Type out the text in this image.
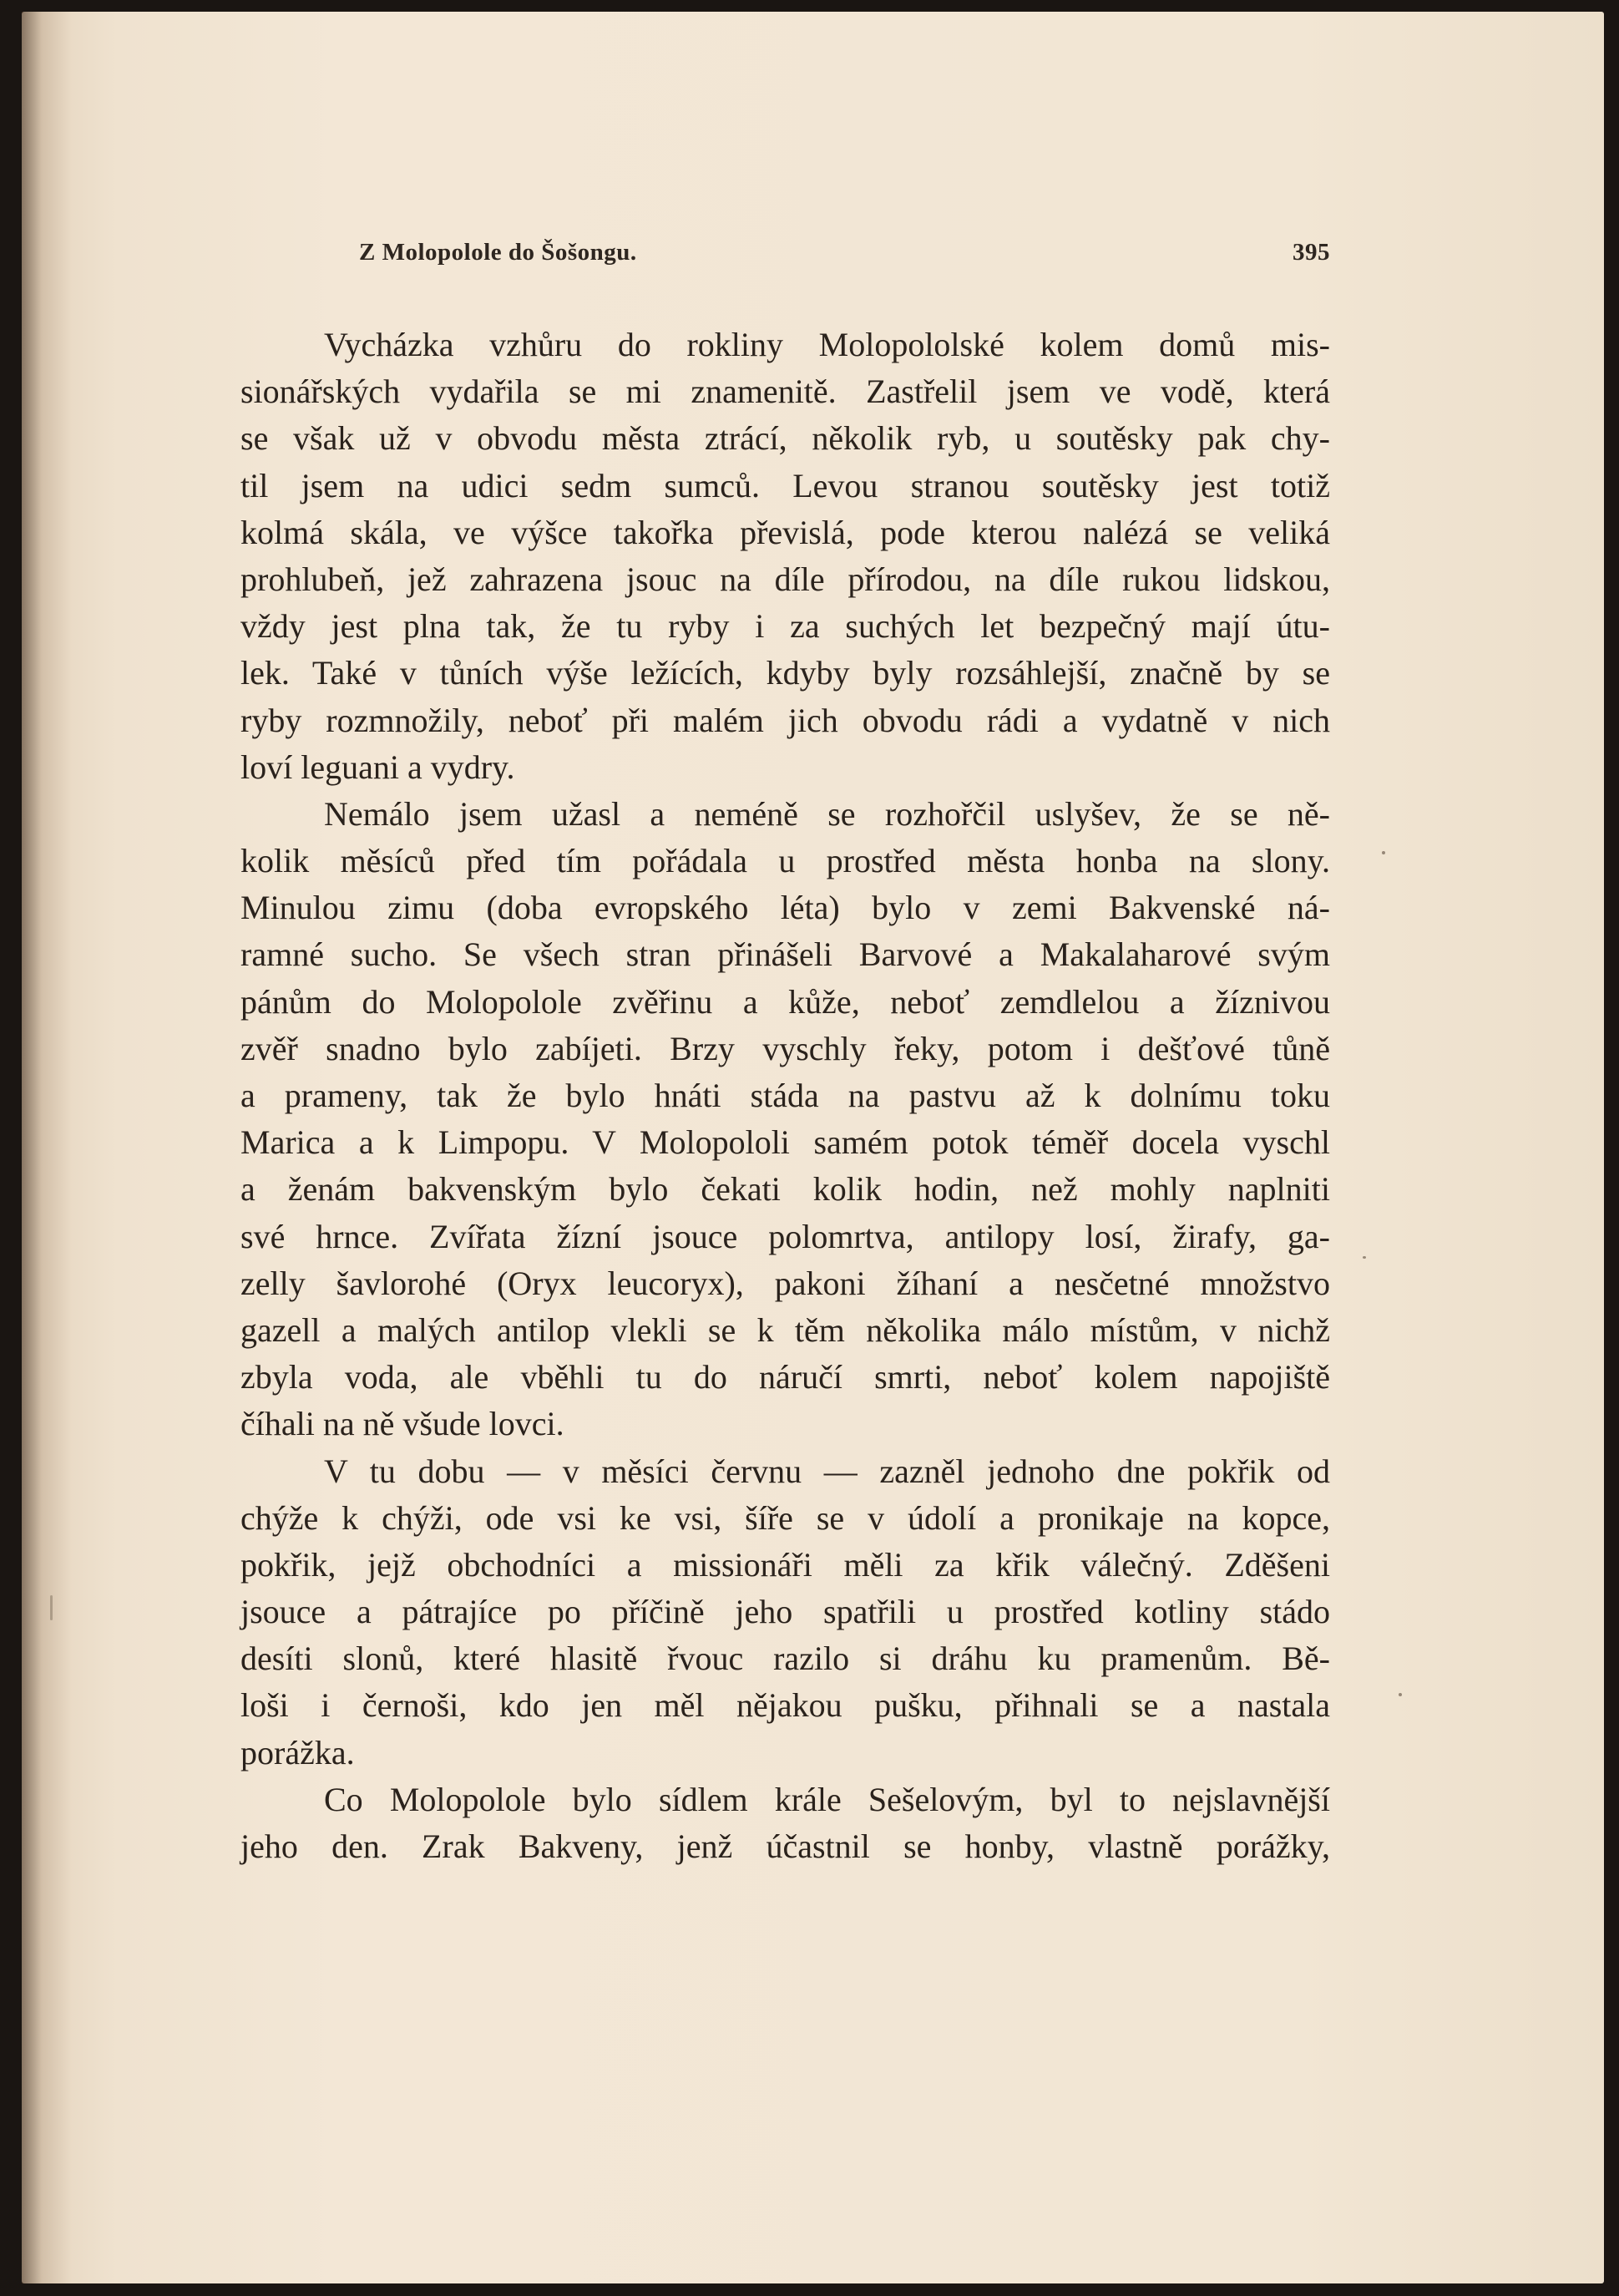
Z Molopolole do Šošongu.	395
Vycházka vzhůru do rokliny Molopololské kolem domů mis-
sionářských vydařila se mi znamenitě. Zastřelil jsem ve vodě, která
se však už v obvodu města ztrácí, několik ryb, u soutěsky pak chy-
til jsem na udici sedm sumců. Levou stranou soutěsky jest totiž
kolmá skála, ve výšce takořka převislá, pode kterou nalézá se veliká
prohlubeň, jež zahrazena jsouc na díle přírodou, na díle rukou lidskou,
vždy jest plna tak, že tu ryby i za suchých let bezpečný mají útu-
lek. Také v tůních výše ležících, kdyby byly rozsáhlejší, značně by se
ryby rozmnožily, neboť při malém jich obvodu rádi a vydatně v nich
loví leguani a vydry.
Nemálo jsem užasl a neméně se rozhořčil uslyšev, že se ně-
kolik měsíců před tím pořádala u prostřed města honba na slony.
Minulou zimu (doba evropského léta) bylo v zemi Bakvenské ná-
ramné sucho. Se všech stran přinášeli Barvové a Makalaharové svým
pánům do Molopolole zvěřinu a kůže, neboť zemdlelou a žíznivou
zvěř snadno bylo zabíjeti. Brzy vyschly řeky, potom i dešťové tůně
a prameny, tak že bylo hnáti stáda na pastvu až k dolnímu toku
Marica a k Limpopu. V Molopololi samém potok téměř docela vyschl
a ženám bakvenským bylo čekati kolik hodin, než mohly naplniti
své hrnce. Zvířata žízní jsouce polomrtva, antilopy losí, žirafy, ga-
zelly šavlorohé (Oryx leucoryx), pakoni žíhaní a nesčetné množstvo
gazell a malých antilop vlekli se k těm několika málo místům, v nichž
zbyla voda, ale vběhli tu do náručí smrti, neboť kolem napojiště
číhali na ně všude lovci.
V tu dobu — v měsíci červnu — zazněl jednoho dne pokřik od
chýže k chýži, ode vsi ke vsi, šíře se v údolí a pronikaje na kopce,
pokřik, jejž obchodníci a missionáři měli za křik válečný. Zděšeni
jsouce a pátrajíce po příčině jeho spatřili u prostřed kotliny stádo
desíti slonů, které hlasitě řvouc razilo si dráhu ku pramenům. Bě-
loši i černoši, kdo jen měl nějakou pušku, přihnali se a nastala
porážka.
Co Molopolole bylo sídlem krále Sešelovým, byl to nejslavnější
jeho den. Zrak Bakveny, jenž účastnil se honby, vlastně porážky,
